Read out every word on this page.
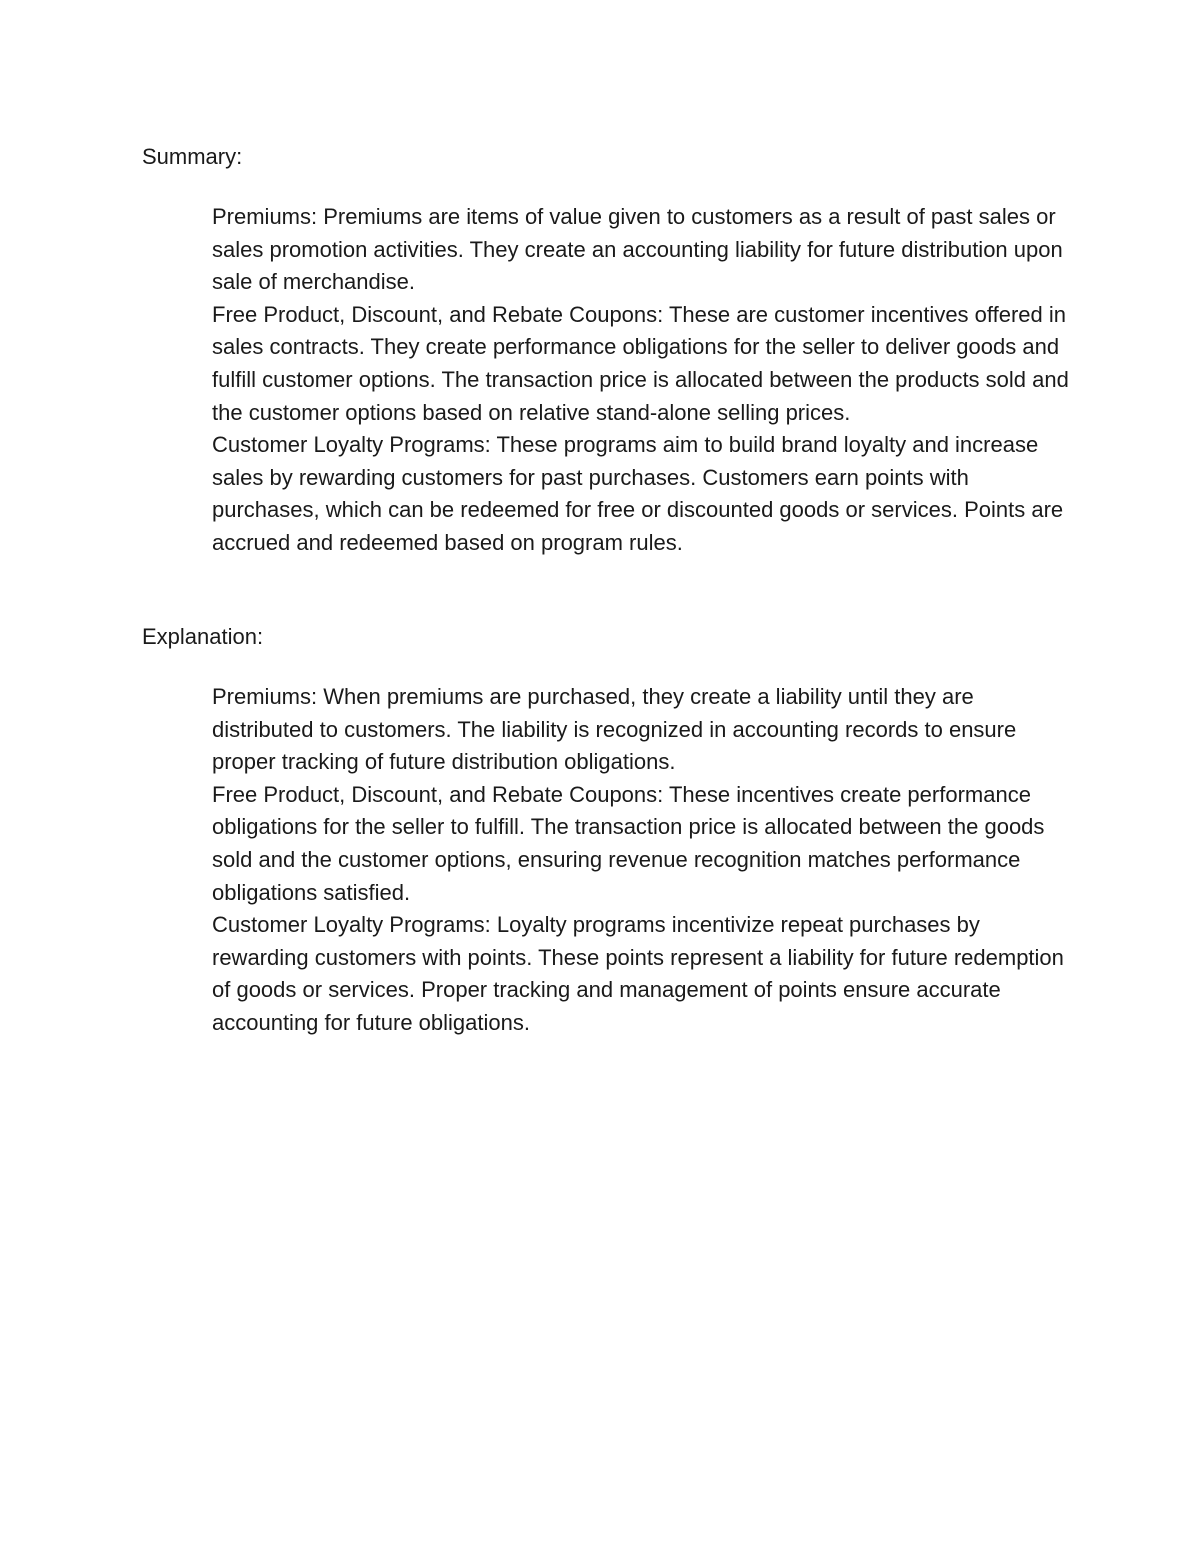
Summary:

Premiums: Premiums are items of value given to customers as a result of past sales or sales promotion activities. They create an accounting liability for future distribution upon sale of merchandise.

Free Product, Discount, and Rebate Coupons: These are customer incentives offered in sales contracts. They create performance obligations for the seller to deliver goods and fulfill customer options. The transaction price is allocated between the products sold and the customer options based on relative stand-alone selling prices.

Customer Loyalty Programs: These programs aim to build brand loyalty and increase sales by rewarding customers for past purchases. Customers earn points with purchases, which can be redeemed for free or discounted goods or services. Points are accrued and redeemed based on program rules.

Explanation:

Premiums: When premiums are purchased, they create a liability until they are distributed to customers. The liability is recognized in accounting records to ensure proper tracking of future distribution obligations.

Free Product, Discount, and Rebate Coupons: These incentives create performance obligations for the seller to fulfill. The transaction price is allocated between the goods sold and the customer options, ensuring revenue recognition matches performance obligations satisfied.

Customer Loyalty Programs: Loyalty programs incentivize repeat purchases by rewarding customers with points. These points represent a liability for future redemption of goods or services. Proper tracking and management of points ensure accurate accounting for future obligations.
